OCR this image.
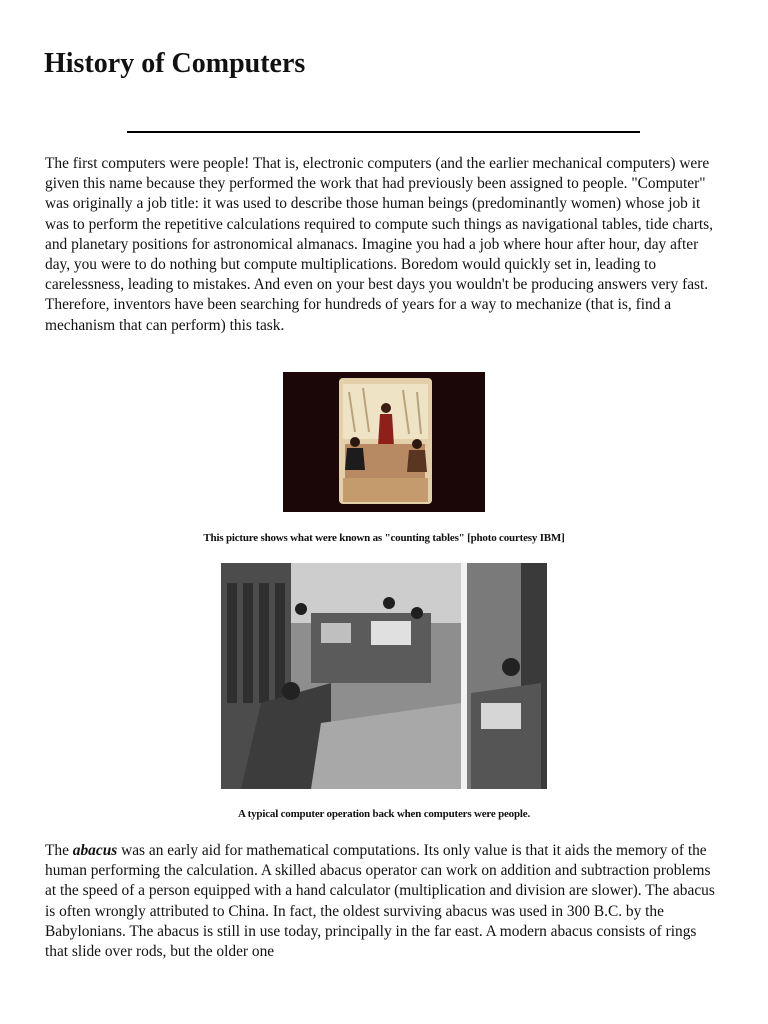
History of Computers

The first computers were people! That is, electronic computers (and the earlier mechanical computers) were given this name because they performed the work that had previously been assigned to people. "Computer" was originally a job title: it was used to describe those human beings (predominantly women) whose job it was to perform the repetitive calculations required to compute such things as navigational tables, tide charts, and planetary positions for astronomical almanacs. Imagine you had a job where hour after hour, day after day, you were to do nothing but compute multiplications. Boredom would quickly set in, leading to carelessness, leading to mistakes. And even on your best days you wouldn't be producing answers very fast. Therefore, inventors have been searching for hundreds of years for a way to mechanize (that is, find a mechanism that can perform) this task.

This picture shows what were known as "counting tables" [photo courtesy IBM]

A typical computer operation back when computers were people.

The abacus was an early aid for mathematical computations. Its only value is that it aids the memory of the human performing the calculation. A skilled abacus operator can work on addition and subtraction problems at the speed of a person equipped with a hand calculator (multiplication and division are slower). The abacus is often wrongly attributed to China. In fact, the oldest surviving abacus was used in 300 B.C. by the Babylonians. The abacus is still in use today, principally in the far east. A modern abacus consists of rings that slide over rods, but the older one
